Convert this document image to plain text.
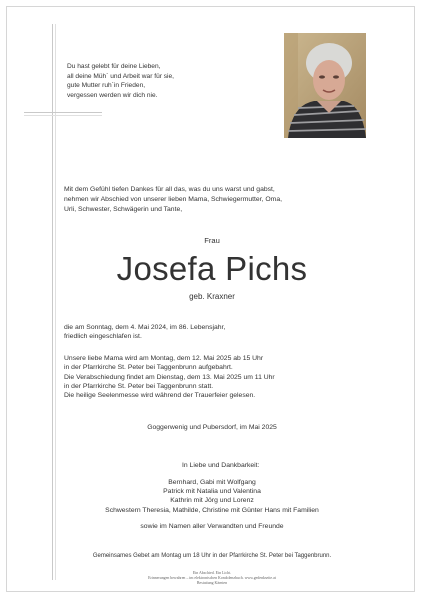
Du hast gelebt für deine Lieben,
all deine Müh´ und Arbeit war für sie,
gute Mutter ruh´in Frieden,
vergessen werden wir dich nie.
Mit dem Gefühl tiefen Dankes für all das, was du uns warst und gabst,
nehmen wir Abschied von unserer lieben Mama, Schwiegermutter, Oma,
Urli, Schwester, Schwägerin und Tante,
Frau
Josefa Pichs
geb. Kraxner
die am Sonntag, dem 4. Mai 2024, im 86. Lebensjahr,
friedlich eingeschlafen ist.
Unsere liebe Mama wird am Montag, dem 12. Mai 2025 ab 15 Uhr
in der Pfarrkirche St. Peter bei Taggenbrunn aufgebahrt.
Die Verabschiedung findet am Dienstag, dem 13. Mai 2025 um 11 Uhr
in der Pfarrkirche St. Peter bei Taggenbrunn statt.
Die heilige Seelenmesse wird während der Trauerfeier gelesen.
Goggerwenig und Pubersdorf, im Mai 2025
In Liebe und Dankbarkeit:
Bernhard, Gabi mit Wolfgang
Patrick mit Natalia und Valentina
Kathrin mit Jörg und Lorenz
Schwestern Theresia, Mathilde, Christine mit Günter Hans mit Familien
sowie im Namen aller Verwandten und Freunde
Gemeinsames Gebet am Montag um 18 Uhr in der Pfarrkirche St. Peter bei Taggenbrunn.
Ein Abschied. Ein Licht.
Erinnerungen bewahren – im elektronischen Kondolenzbuch. www.gedenkseite.at
Bestattung Kärnten
